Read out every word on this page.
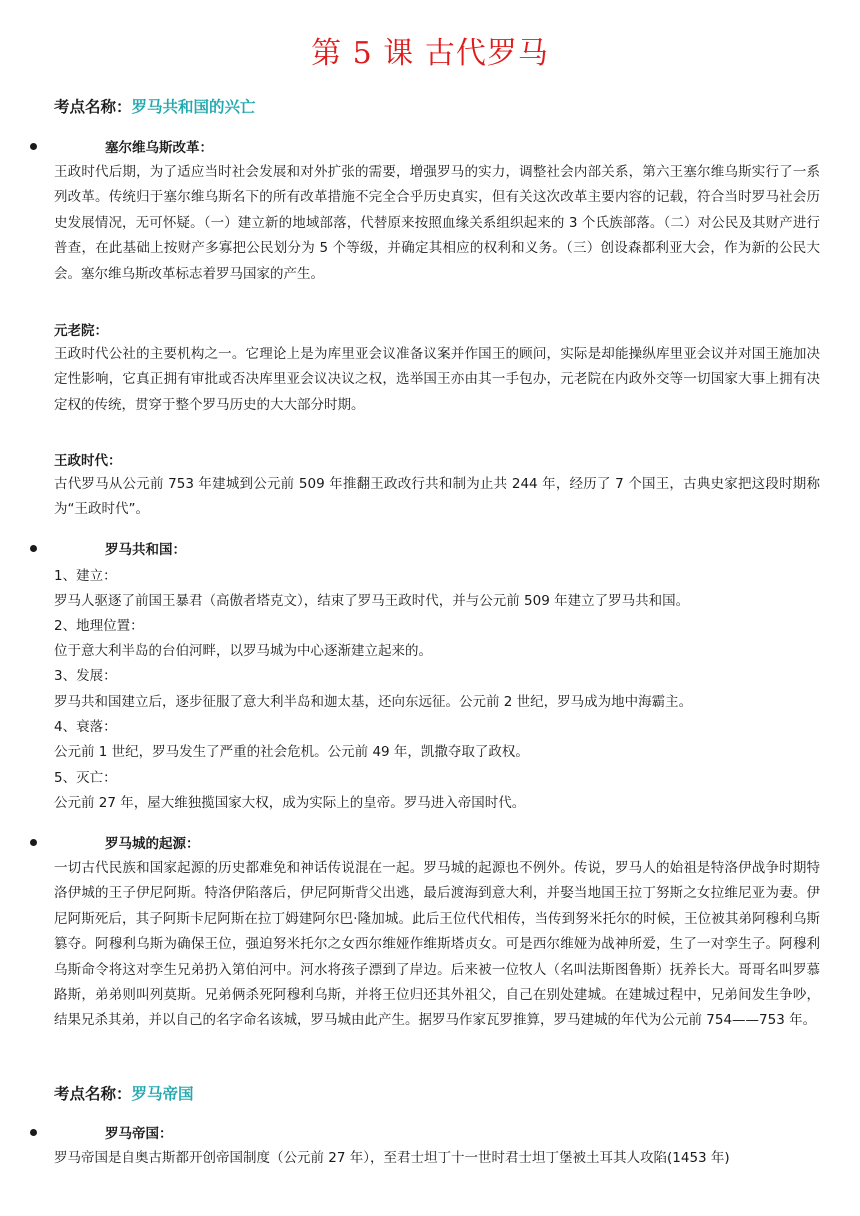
第 5 课 古代罗马
考点名称：罗马共和国的兴亡
塞尔维乌斯改革：
王政时代后期，为了适应当时社会发展和对外扩张的需要，增强罗马的实力，调整社会内部关系，第六王塞尔维乌斯实行了一系列改革。传统归于塞尔维乌斯名下的所有改革措施不完全合乎历史真实，但有关这次改革主要内容的记载，符合当时罗马社会历史发展情况，无可怀疑。（一）建立新的地域部落，代替原来按照血缘关系组织起来的 3 个氏族部落。（二）对公民及其财产进行普查，在此基础上按财产多寡把公民划分为 5 个等级，并确定其相应的权利和义务。（三）创设森都利亚大会，作为新的公民大会。塞尔维乌斯改革标志着罗马国家的产生。
元老院：
王政时代公社的主要机构之一。它理论上是为库里亚会议准备议案并作国王的顾问，实际是却能操纵库里亚会议并对国王施加决定性影响，它真正拥有审批或否决库里亚会议决议之权，选举国王亦由其一手包办，元老院在内政外交等一切国家大事上拥有决定权的传统，贯穿于整个罗马历史的大大部分时期。
王政时代：
古代罗马从公元前 753 年建城到公元前 509 年推翻王政改行共和制为止共 244 年，经历了 7 个国王，古典史家把这段时期称为“王政时代”。
罗马共和国：
1、建立：
罗马人驱逐了前国王暴君（高傲者塔克文），结束了罗马王政时代，并与公元前 509 年建立了罗马共和国。
2、地理位置：
位于意大利半岛的台伯河畔，以罗马城为中心逐渐建立起来的。
3、发展：
罗马共和国建立后，逐步征服了意大利半岛和迦太基，还向东远征。公元前 2 世纪，罗马成为地中海霸主。
4、衰落：
公元前 1 世纪，罗马发生了严重的社会危机。公元前 49 年，凯撒夺取了政权。
5、灭亡：
公元前 27 年，屋大维独揽国家大权，成为实际上的皇帝。罗马进入帝国时代。
罗马城的起源：
一切古代民族和国家起源的历史都难免和神话传说混在一起。罗马城的起源也不例外。传说，罗马人的始祖是特洛伊战争时期特洛伊城的王子伊尼阿斯。特洛伊陷落后，伊尼阿斯背父出逃，最后渡海到意大利，并娶当地国王拉丁努斯之女拉维尼亚为妻。伊尼阿斯死后，其子阿斯卡尼阿斯在拉丁姆建阿尔巴·隆加城。此后王位代代相传，当传到努米托尔的时候，王位被其弟阿穆利乌斯篡夺。阿穆利乌斯为确保王位，强迫努米托尔之女西尔维娅作维斯塔贞女。可是西尔维娅为战神所爱，生了一对孪生子。阿穆利乌斯命令将这对孪生兄弟扔入第伯河中。河水将孩子漂到了岸边。后来被一位牧人（名叫法斯图鲁斯）抚养长大。哥哥名叫罗慕路斯，弟弟则叫列莫斯。兄弟俩杀死阿穆利乌斯，并将王位归还其外祖父，自己在别处建城。在建城过程中，兄弟间发生争吵，结果兄杀其弟，并以自己的名字命名该城，罗马城由此产生。据罗马作家瓦罗推算，罗马建城的年代为公元前 754——753 年。
考点名称：罗马帝国
罗马帝国：
罗马帝国是自奥古斯都开创帝国制度（公元前 27 年），至君士坦丁十一世时君士坦丁堡被土耳其人攻陷(1453 年)
